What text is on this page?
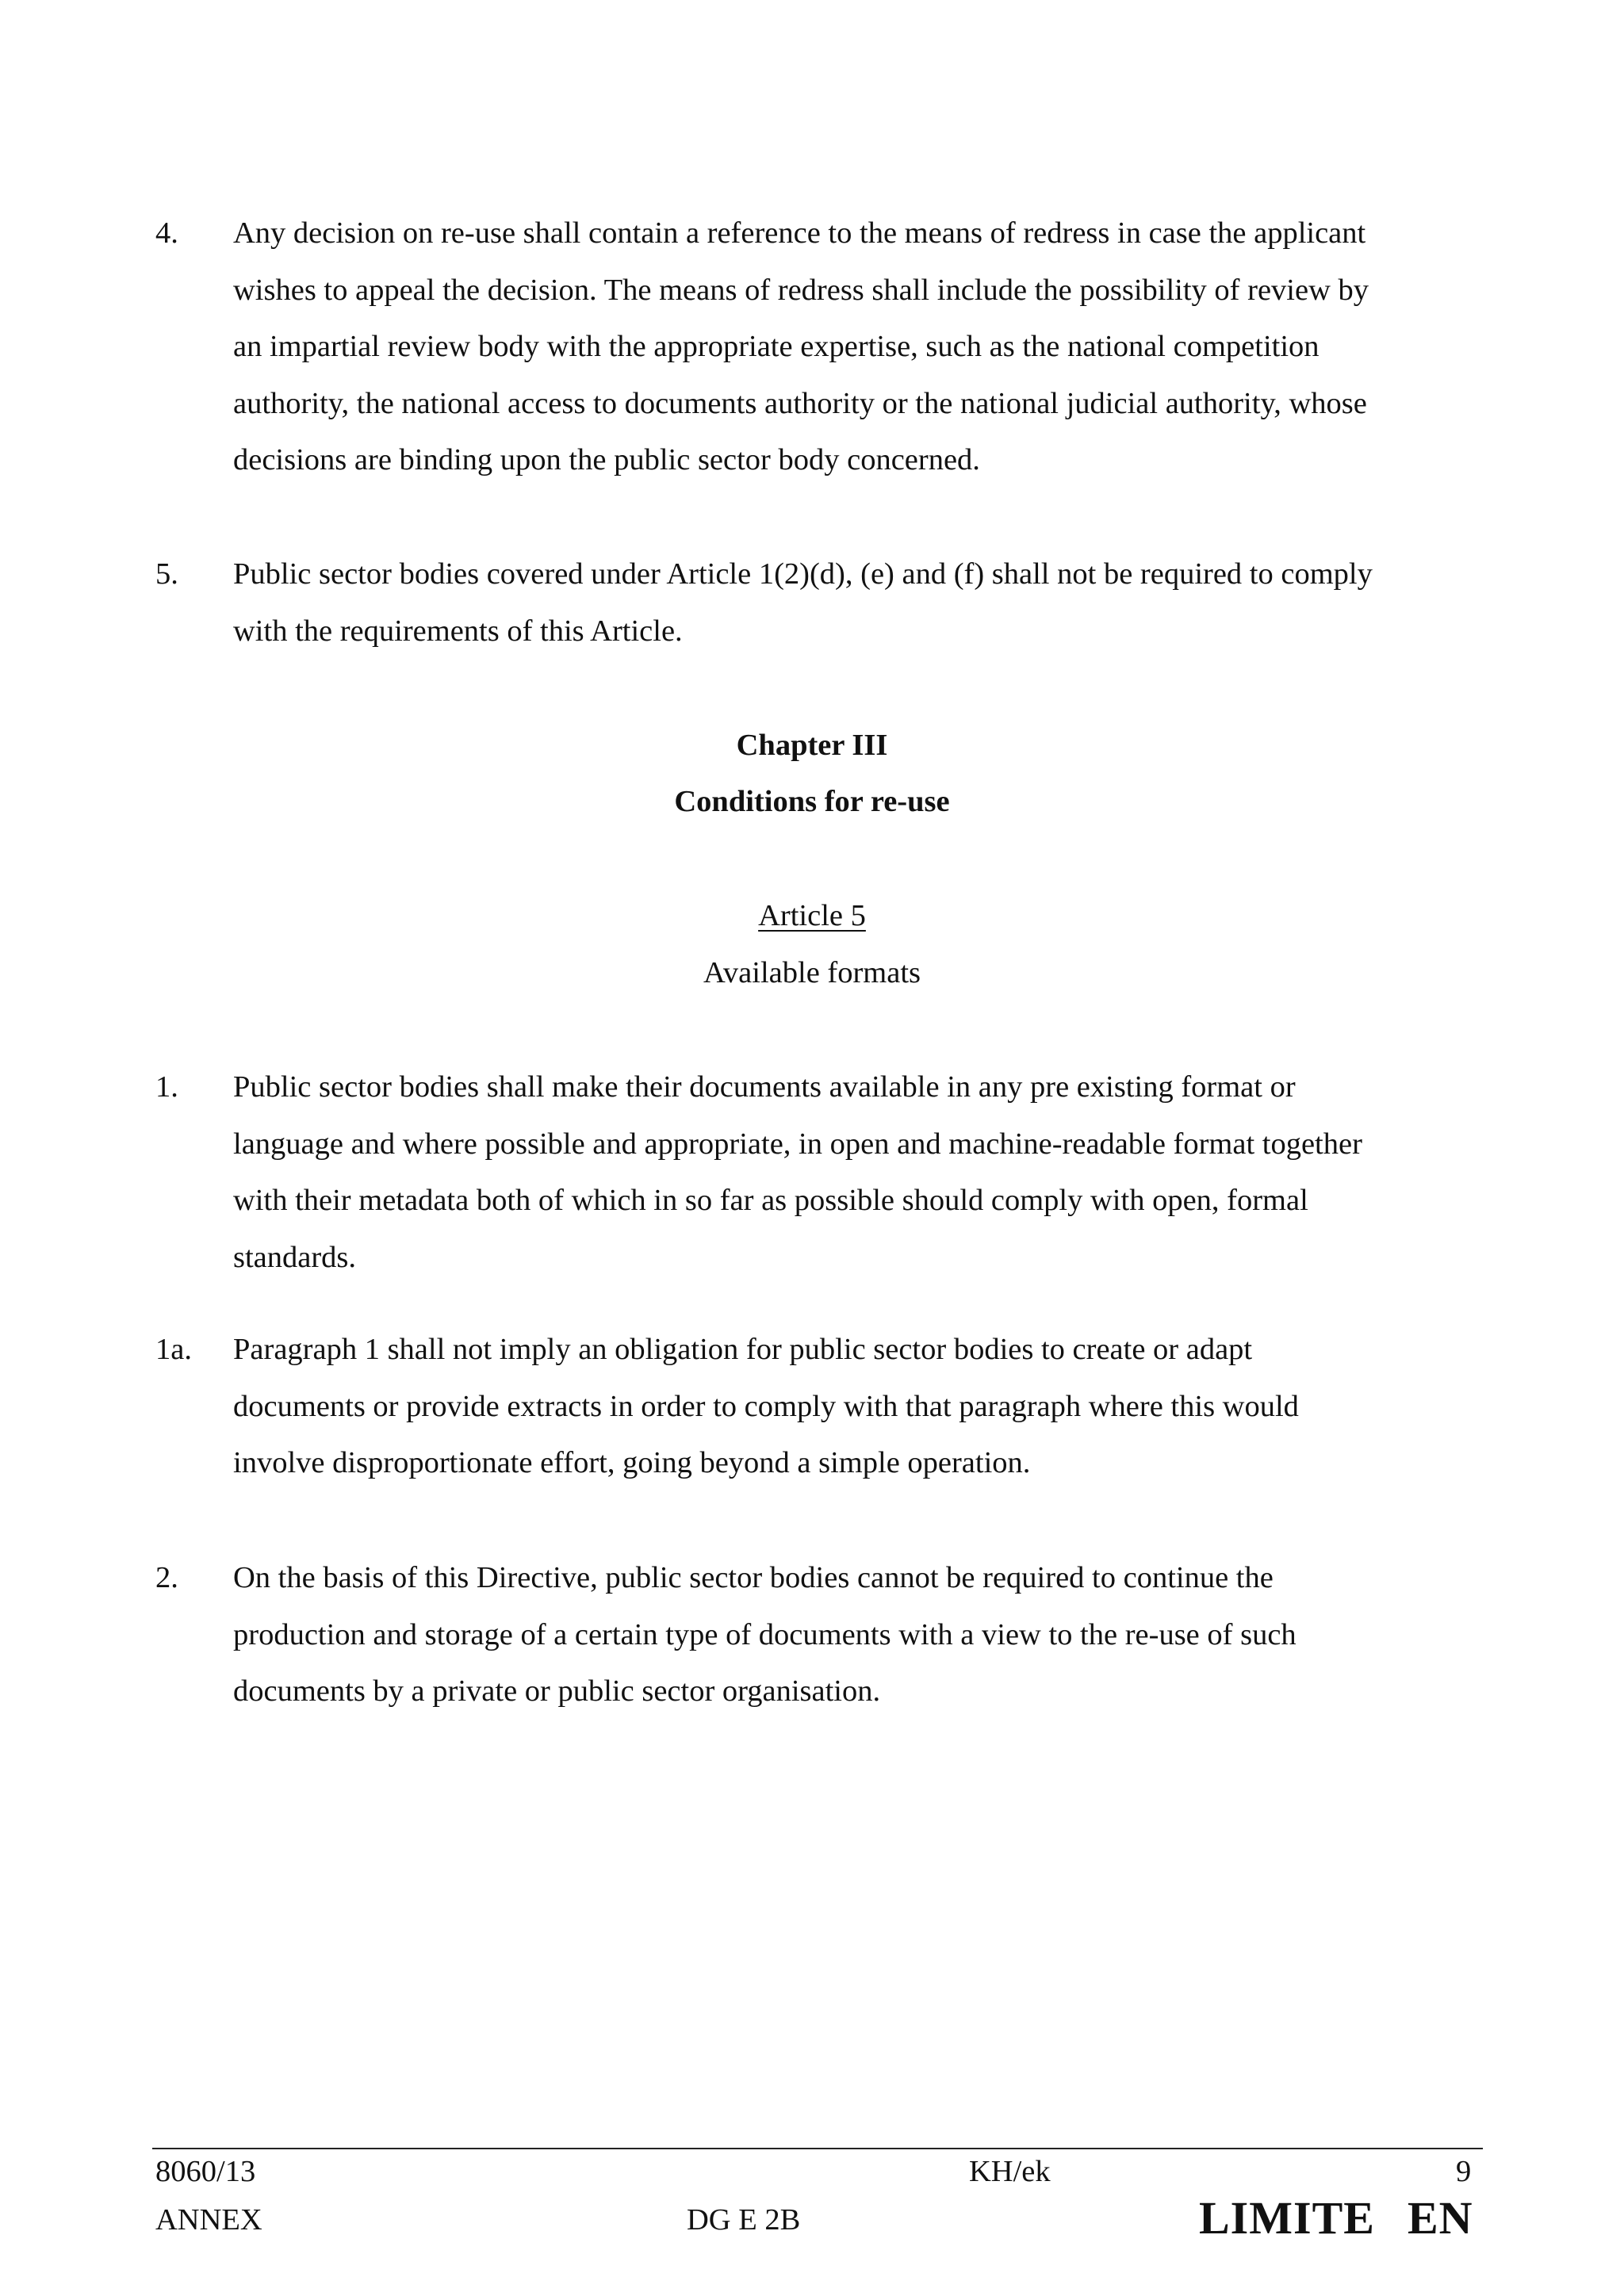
4. Any decision on re-use shall contain a reference to the means of redress in case the applicant
wishes to appeal the decision. The means of redress shall include the possibility of review by
an impartial review body with the appropriate expertise, such as the national competition
authority, the national access to documents authority or the national judicial authority, whose
decisions are binding upon the public sector body concerned.
5. Public sector bodies covered under Article 1(2)(d), (e) and (f) shall not be required to comply
with the requirements of this Article.
Chapter III
Conditions for re-use
Article 5
Available formats
1. Public sector bodies shall make their documents available in any pre existing format or
language and where possible and appropriate, in open and machine-readable format together
with their metadata both of which in so far as possible should comply with open, formal
standards.
1a. Paragraph 1 shall not imply an obligation for public sector bodies to create or adapt
documents or provide extracts in order to comply with that paragraph where this would
involve disproportionate effort, going beyond a simple operation.
2. On the basis of this Directive, public sector bodies cannot be required to continue the
production and storage of a certain type of documents with a view to the re-use of such
documents by a private or public sector organisation.
8060/13
ANNEX
KH/ek
DG E 2B
9
LIMITE EN
